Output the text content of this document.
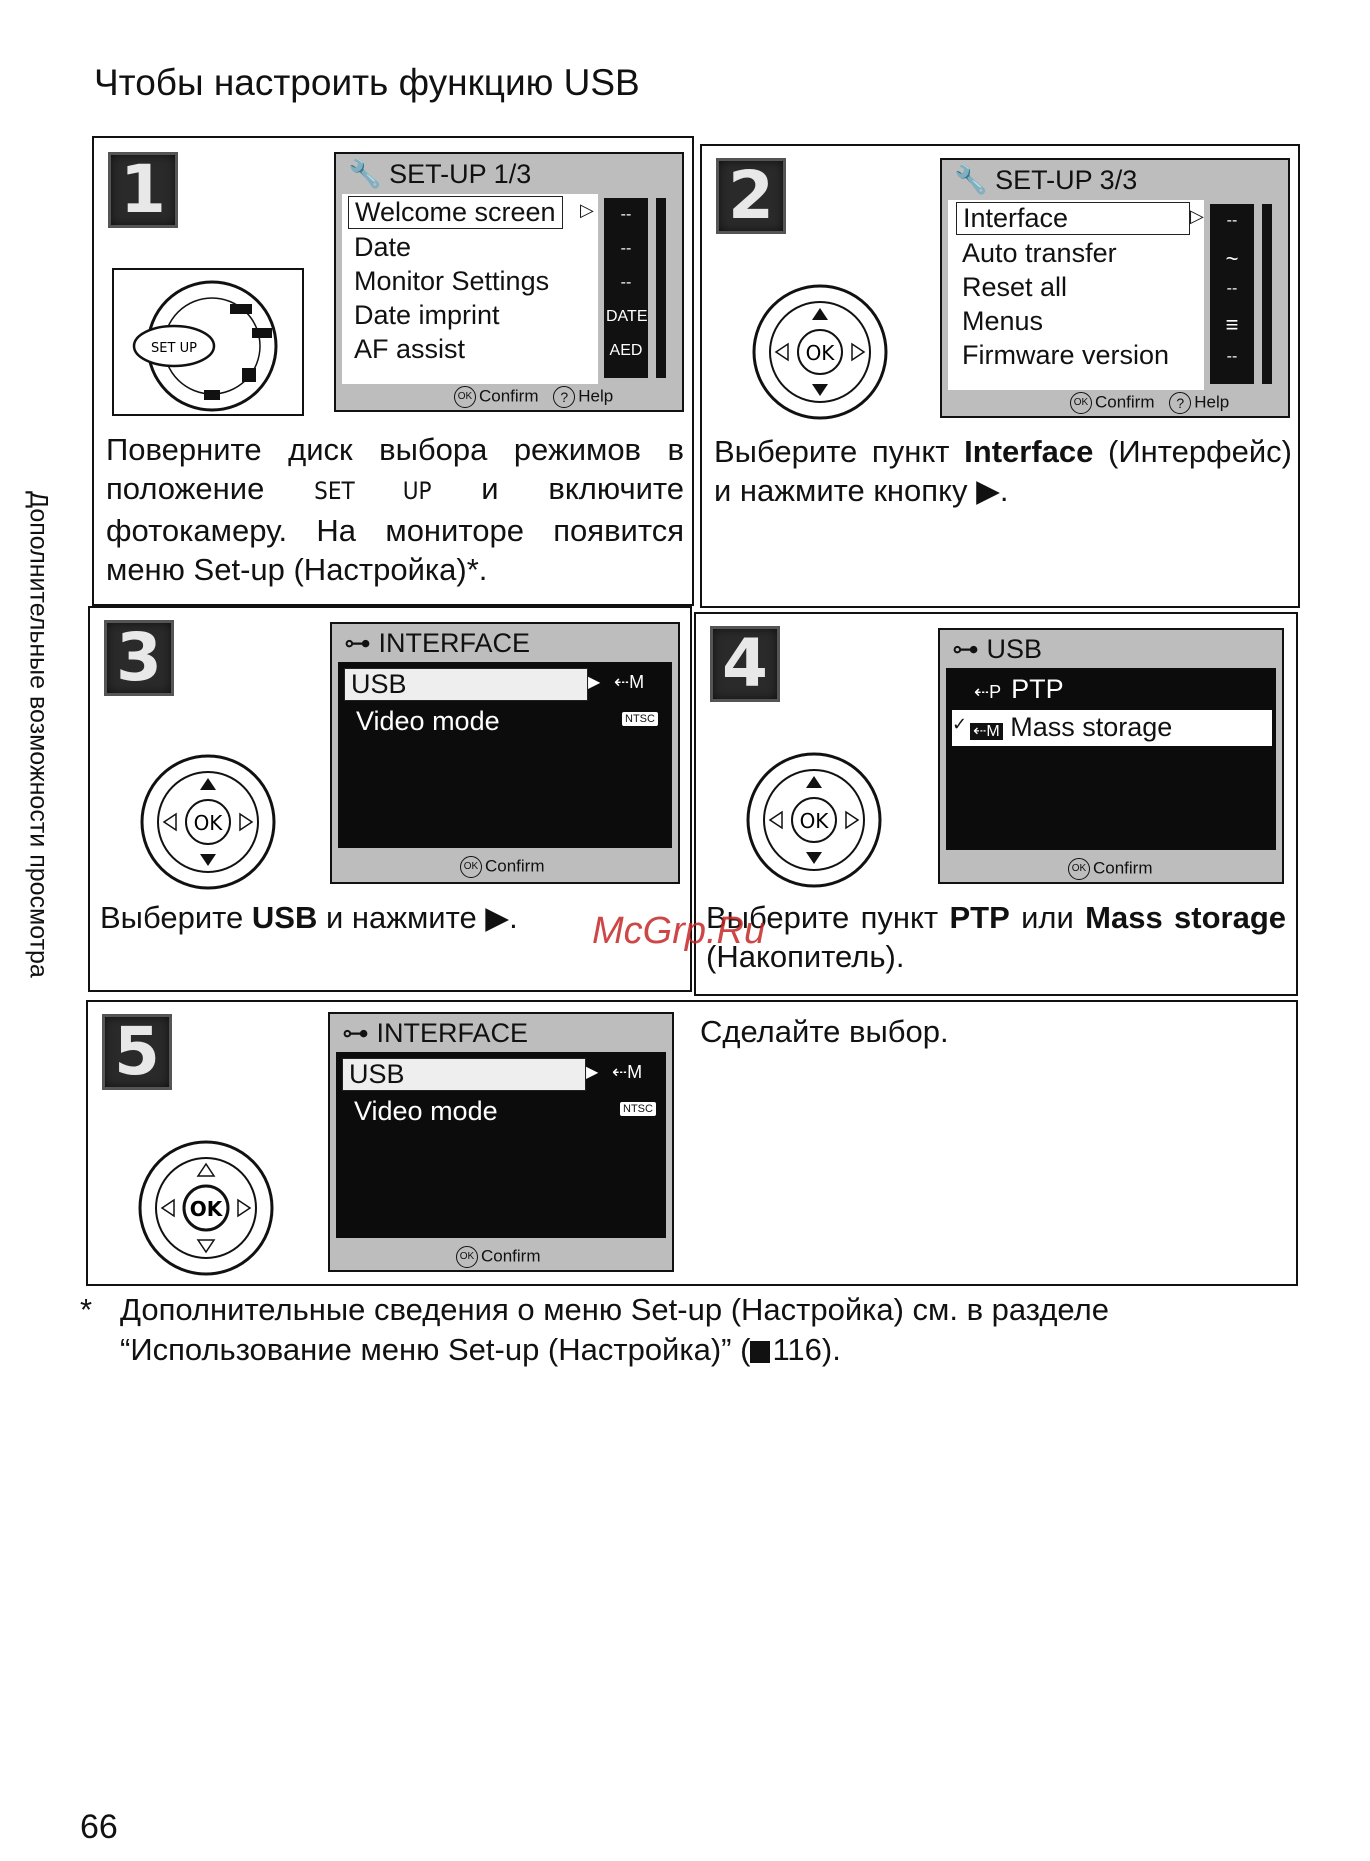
Чтобы настроить функцию USB
Дополнительные возможности просмотра
1
SET UP
🔧 SET-UP 1/3
Welcome screen	▷
Date
Monitor Settings
Date imprint
AF assist
--
--
--
DATE
AED
OK Confirm ? Help
Поверните диск выбора режимов в положение SET UP и включите фотокамеру. На мониторе появится меню Set-up (Настройка)*.
2
OK
🔧 SET-UP 3/3
Interface	▷
Auto transfer
Reset all
Menus
Firmware version
--
~
--
≡
--
OK Confirm ? Help
Выберите пункт Interface (Интерфейс) и нажмите кнопку ▶.
3
OK
⊶ INTERFACE
USB	▶ ⇠M
Video mode	NTSC
OK Confirm
Выберите USB и нажмите ▶.
4
OK
⊶ USB
⇠P PTP
✓ ⇠M Mass storage
OK Confirm
Выберите пункт PTP или Mass storage (Накопитель).
5
OK
⊶ INTERFACE
USB	▶ ⇠M
Video mode	NTSC
OK Confirm
Сделайте выбор.
McGrp.Ru
* Дополнительные сведения о меню Set-up (Настройка) см. в разделе “Использование меню Set-up (Настройка)” ( 116).
66
